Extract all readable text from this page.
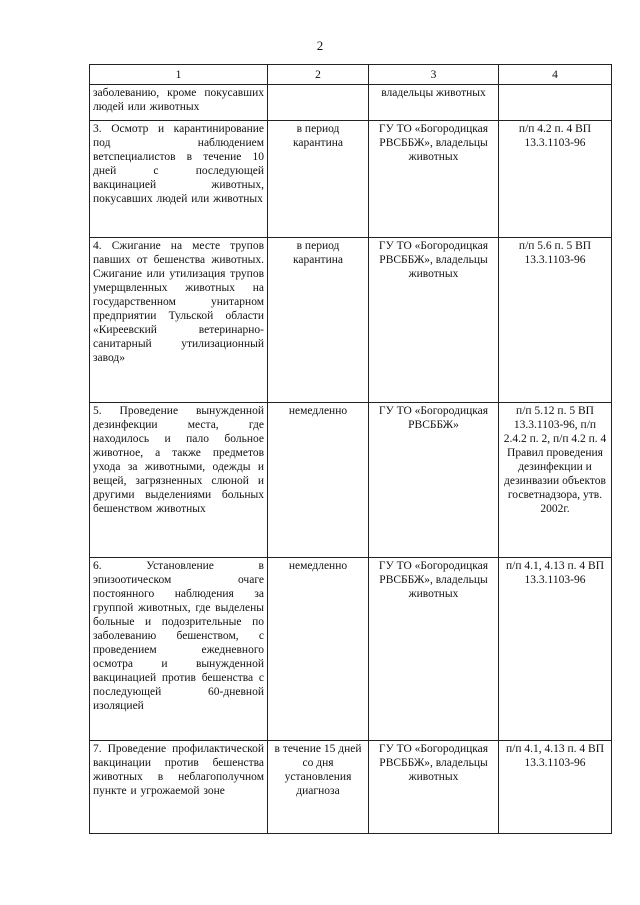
2
1	2	3	4
заболеванию, кроме покусавших людей или животных		владельцы животных	
3. Осмотр и карантинирование под наблюдением ветспециалистов в течение 10 дней с последующей вакцинацией животных, покусавших людей или животных	в период карантина	ГУ ТО «Богородицкая РВСББЖ», владельцы животных	п/п 4.2 п. 4 ВП 13.3.1103-96
4. Сжигание на месте трупов павших от бешенства животных. Сжигание или утилизация трупов умерщвленных животных на государственном унитарном предприятии Тульской области «Киреевский ветеринарно-санитарный утилизационный завод»	в период карантина	ГУ ТО «Богородицкая РВСББЖ», владельцы животных	п/п 5.6 п. 5 ВП 13.3.1103-96
5. Проведение вынужденной дезинфекции места, где находилось и пало больное животное, а также предметов ухода за животными, одежды и вещей, загрязненных слюной и другими выделениями больных бешенством животных	немедленно	ГУ ТО «Богородицкая РВСББЖ»	п/п 5.12 п. 5 ВП 13.3.1103-96, п/п 2.4.2 п. 2, п/п 4.2 п. 4 Правил проведения дезинфекции и дезинвазии объектов госветнадзора, утв. 2002г.
6. Установление в эпизоотическом очаге постоянного наблюдения за группой животных, где выделены больные и подозрительные по заболеванию бешенством, с проведением ежедневного осмотра и вынужденной вакцинацией против бешенства с последующей 60-дневной изоляцией	немедленно	ГУ ТО «Богородицкая РВСББЖ», владельцы животных	п/п 4.1, 4.13 п. 4 ВП 13.3.1103-96
7. Проведение профилактической вакцинации против бешенства животных в неблагополучном пункте и угрожаемой зоне	в течение 15 дней со дня установления диагноза	ГУ ТО «Богородицкая РВСББЖ», владельцы животных	п/п 4.1, 4.13 п. 4 ВП 13.3.1103-96
